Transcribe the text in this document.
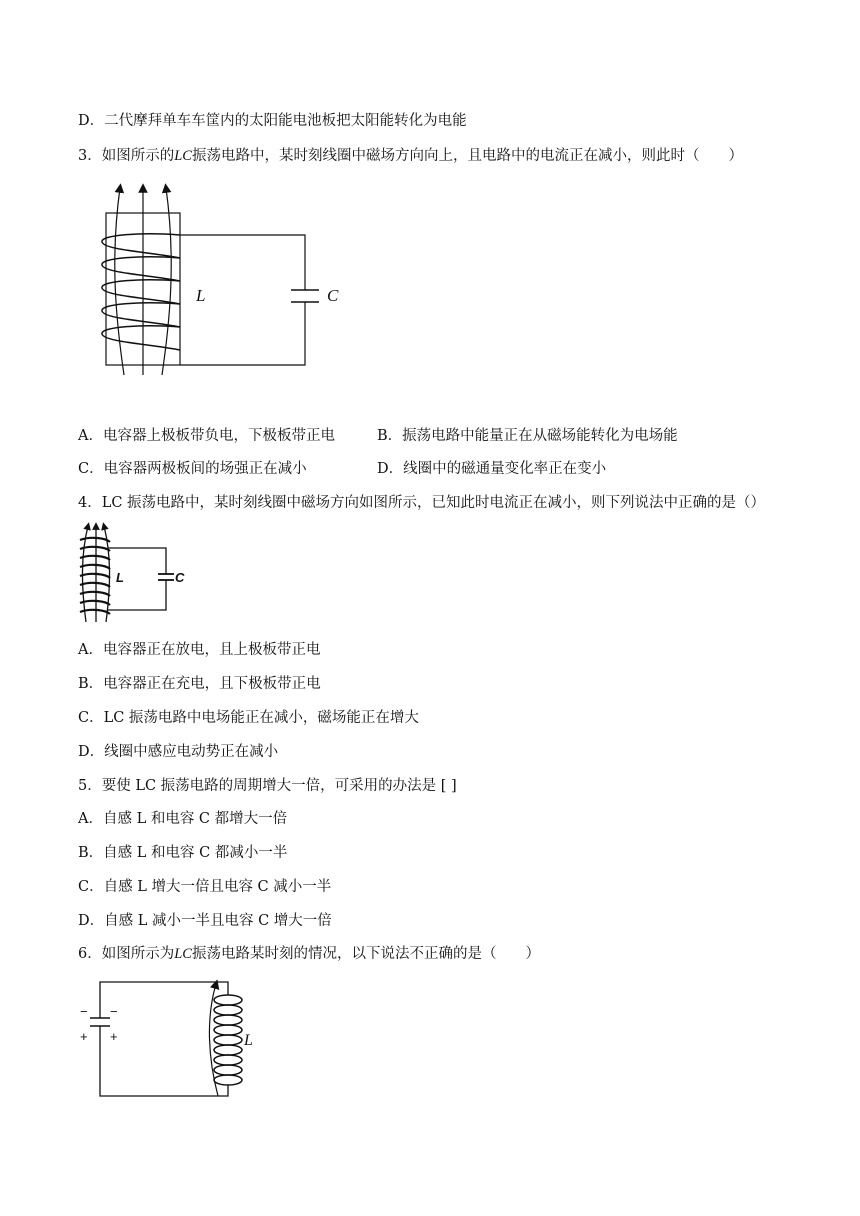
D．二代摩拜单车车筐内的太阳能电池板把太阳能转化为电能
3．如图所示的LC振荡电路中，某时刻线圈中磁场方向向上，且电路中的电流正在减小，则此时（　　）
L	C
A．电容器上极板带负电，下极板带正电	B．振荡电路中能量正在从磁场能转化为电场能
C．电容器两极板间的场强正在减小	D．线圈中的磁通量变化率正在变小
4．LC 振荡电路中，某时刻线圈中磁场方向如图所示，已知此时电流正在减小，则下列说法中正确的是（）
L	C
A．电容器正在放电，且上极板带正电
B．电容器正在充电，且下极板带正电
C．LC 振荡电路中电场能正在减小，磁场能正在增大
D．线圈中感应电动势正在减小
5．要使 LC 振荡电路的周期增大一倍，可采用的办法是 [ ]
A．自感 L 和电容 C 都增大一倍
B．自感 L 和电容 C 都减小一半
C．自感 L 增大一倍且电容 C 减小一半
D．自感 L 减小一半且电容 C 增大一倍
6．如图所示为LC振荡电路某时刻的情况，以下说法不正确的是（　　）
L
− −
+ +
